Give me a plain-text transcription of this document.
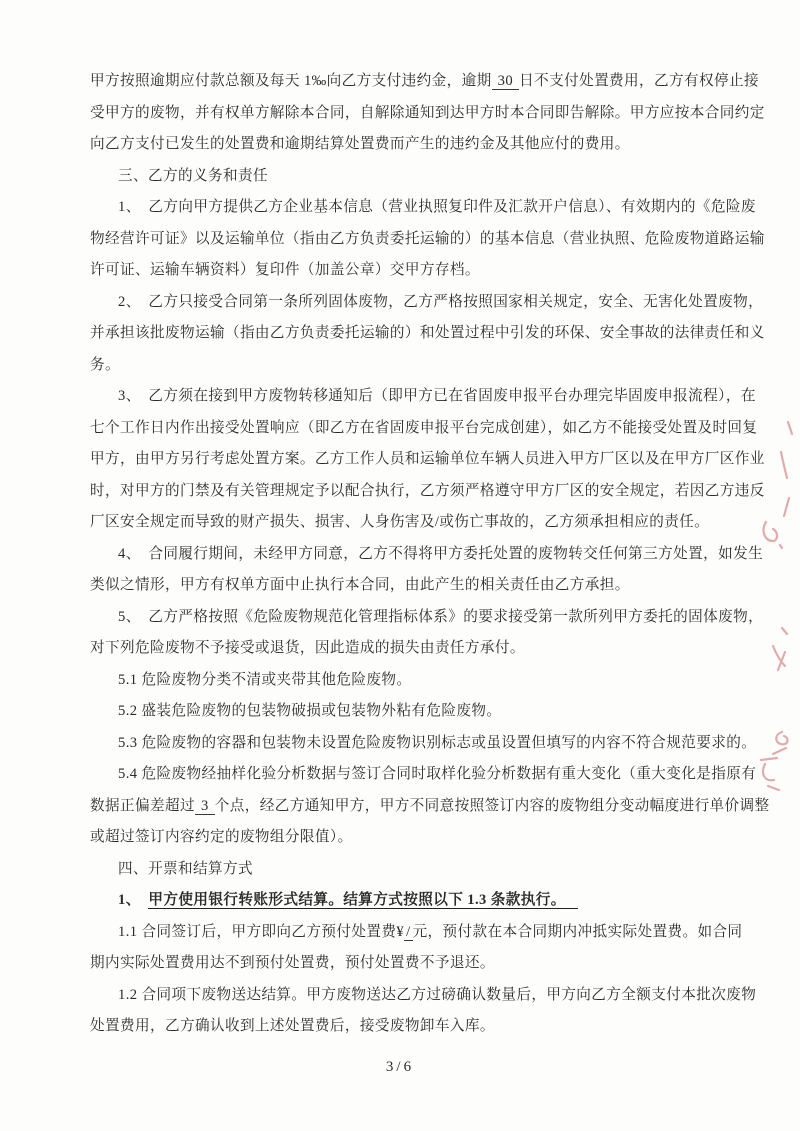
甲方按照逾期应付款总额及每天 1‰向乙方支付违约金，逾期 30 日不支付处置费用，乙方有权停止接
受甲方的废物，并有权单方解除本合同，自解除通知到达甲方时本合同即告解除。甲方应按本合同约定
向乙方支付已发生的处置费和逾期结算处置费而产生的违约金及其他应付的费用。
三、乙方的义务和责任
1、　乙方向甲方提供乙方企业基本信息（营业执照复印件及汇款开户信息）、有效期内的《危险废
物经营许可证》以及运输单位（指由乙方负责委托运输的）的基本信息（营业执照、危险废物道路运输
许可证、运输车辆资料）复印件（加盖公章）交甲方存档。
2、　乙方只接受合同第一条所列固体废物，乙方严格按照国家相关规定，安全、无害化处置废物，
并承担该批废物运输（指由乙方负责委托运输的）和处置过程中引发的环保、安全事故的法律责任和义
务。
3、　乙方须在接到甲方废物转移通知后（即甲方已在省固废申报平台办理完毕固废申报流程），在
七个工作日内作出接受处置响应（即乙方在省固废申报平台完成创建），如乙方不能接受处置及时回复
甲方，由甲方另行考虑处置方案。乙方工作人员和运输单位车辆人员进入甲方厂区以及在甲方厂区作业
时，对甲方的门禁及有关管理规定予以配合执行，乙方须严格遵守甲方厂区的安全规定，若因乙方违反
厂区安全规定而导致的财产损失、损害、人身伤害及/或伤亡事故的，乙方须承担相应的责任。
4、　合同履行期间，未经甲方同意，乙方不得将甲方委托处置的废物转交任何第三方处置，如发生
类似之情形，甲方有权单方面中止执行本合同，由此产生的相关责任由乙方承担。
5、　乙方严格按照《危险废物规范化管理指标体系》的要求接受第一款所列甲方委托的固体废物，
对下列危险废物不予接受或退货，因此造成的损失由责任方承付。
5.1 危险废物分类不清或夹带其他危险废物。
5.2 盛装危险废物的包装物破损或包装物外粘有危险废物。
5.3 危险废物的容器和包装物未设置危险废物识别标志或虽设置但填写的内容不符合规范要求的。
5.4 危险废物经抽样化验分析数据与签订合同时取样化验分析数据有重大变化（重大变化是指原有
数据正偏差超过 3 个点，经乙方通知甲方，甲方不同意按照签订内容的废物组分变动幅度进行单价调整
或超过签订内容约定的废物组分限值）。
四、开票和结算方式
1、　甲方使用银行转账形式结算。结算方式按照以下 1.3 条款执行。
1.1 合同签订后，甲方即向乙方预付处置费¥ / 元，预付款在本合同期内冲抵实际处置费。如合同
期内实际处置费用达不到预付处置费，预付处置费不予退还。
1.2 合同项下废物送达结算。甲方废物送达乙方过磅确认数量后，甲方向乙方全额支付本批次废物
处置费用，乙方确认收到上述处置费后，接受废物卸车入库。
3/6
